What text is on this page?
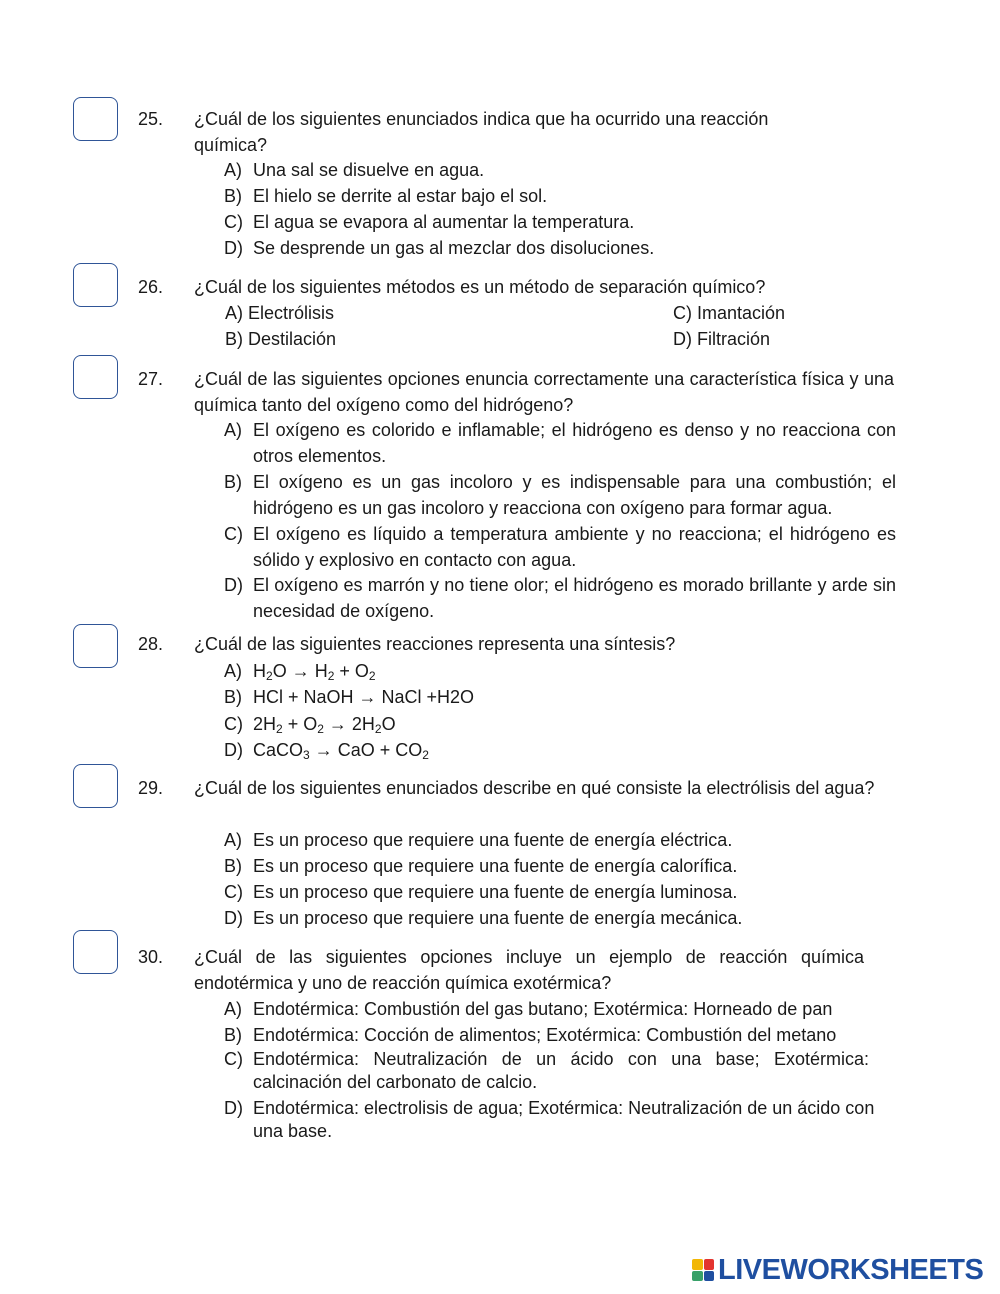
25. ¿Cuál de los siguientes enunciados indica que ha ocurrido una reacción química?
A) Una sal se disuelve en agua.
B) El hielo se derrite al estar bajo el sol.
C) El agua se evapora al aumentar la temperatura.
D) Se desprende un gas al mezclar dos disoluciones.
26. ¿Cuál de los siguientes métodos es un método de separación químico?
A) Electrólisis
B) Destilación
C) Imantación
D) Filtración
27. ¿Cuál de las siguientes opciones enuncia correctamente una característica física y una química tanto del oxígeno como del hidrógeno?
A) El oxígeno es colorido e inflamable; el hidrógeno es denso y no reacciona con otros elementos.
B) El oxígeno es un gas incoloro y es indispensable para una combustión; el hidrógeno es un gas incoloro y reacciona con oxígeno para formar agua.
C) El oxígeno es líquido a temperatura ambiente y no reacciona; el hidrógeno es sólido y explosivo en contacto con agua.
D) El oxígeno es marrón y no tiene olor; el hidrógeno es morado brillante y arde sin necesidad de oxígeno.
28. ¿Cuál de las siguientes reacciones representa una síntesis?
A) $H_2O \to H_2 + O_2$
B) HCl + NaOH → NaCl +H2O
C) $2H_2 + O_2 \to 2H_2O$
D) CaCO$_3$ → CaO + $CO_2$
29. ¿Cuál de los siguientes enunciados describe en qué consiste la electrólisis del agua?
A) Es un proceso que requiere una fuente de energía eléctrica.
B) Es un proceso que requiere una fuente de energía calorífica.
C) Es un proceso que requiere una fuente de energía luminosa.
D) Es un proceso que requiere una fuente de energía mecánica.
30. ¿Cuál de las siguientes opciones incluye un ejemplo de reacción química endotérmica y uno de reacción química exotérmica?
A) Endotérmica: Combustión del gas butano; Exotérmica: Horneado de pan
B) Endotérmica: Cocción de alimentos; Exotérmica: Combustión del metano
C) Endotérmica: Neutralización de un ácido con una base; Exotérmica: calcinación del carbonato de calcio.
D) Endotérmica: electrolisis de agua; Exotérmica: Neutralización de un ácido con una base.
LIVEWORKSHEETS
